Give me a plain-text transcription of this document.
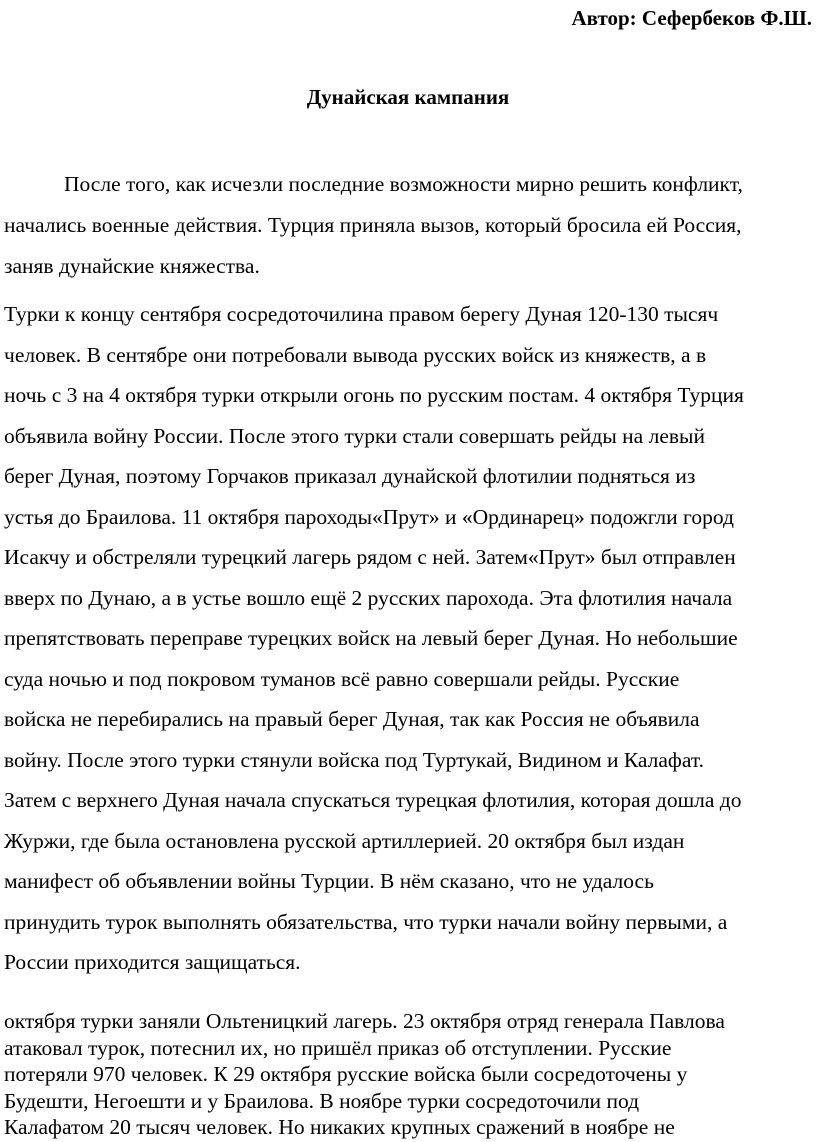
Автор: Сефербеков Ф.Ш.
Дунайская кампания

После того, как исчезли последние возможности мирно решить конфликт,
начались военные действия. Турция приняла вызов, который бросила ей Россия,
заняв дунайские княжества.

Турки к концу сентября сосредоточилина правом берегу Дуная 120-130 тысяч
человек. В сентябре они потребовали вывода русских войск из княжеств, а в
ночь с 3 на 4 октября турки открыли огонь по русским постам. 4 октября Турция
объявила войну России. После этого турки стали совершать рейды на левый
берег Дуная, поэтому Горчаков приказал дунайской флотилии подняться из
устья до Браилова. 11 октября пароходы«Прут» и «Ординарец» подожгли город
Исакчу и обстреляли турецкий лагерь рядом с ней. Затем«Прут» был отправлен
вверх по Дунаю, а в устье вошло ещё 2 русских парохода. Эта флотилия начала
препятствовать переправе турецких войск на левый берег Дуная. Но небольшие
суда ночью и под покровом туманов всё равно совершали рейды. Русские
войска не перебирались на правый берег Дуная, так как Россия не объявила
войну. После этого турки стянули войска под Туртукай, Видином и Калафат.
Затем с верхнего Дуная начала спускаться турецкая флотилия, которая дошла до
Журжи, где была остановлена русской артиллерией. 20 октября был издан
манифест об объявлении войны Турции. В нём сказано, что не удалось
принудить турок выполнять обязательства, что турки начали войну первыми, а
России приходится защищаться.

октября турки заняли Ольтеницкий лагерь. 23 октября отряд генерала Павлова
атаковал турок, потеснил их, но пришёл приказ об отступлении. Русские
потеряли 970 человек. К 29 октября русские войска были сосредоточены у
Будешти, Негоешти и у Браилова. В ноябре турки сосредоточили под
Калафатом 20 тысяч человек. Но никаких крупных сражений в ноябре не
